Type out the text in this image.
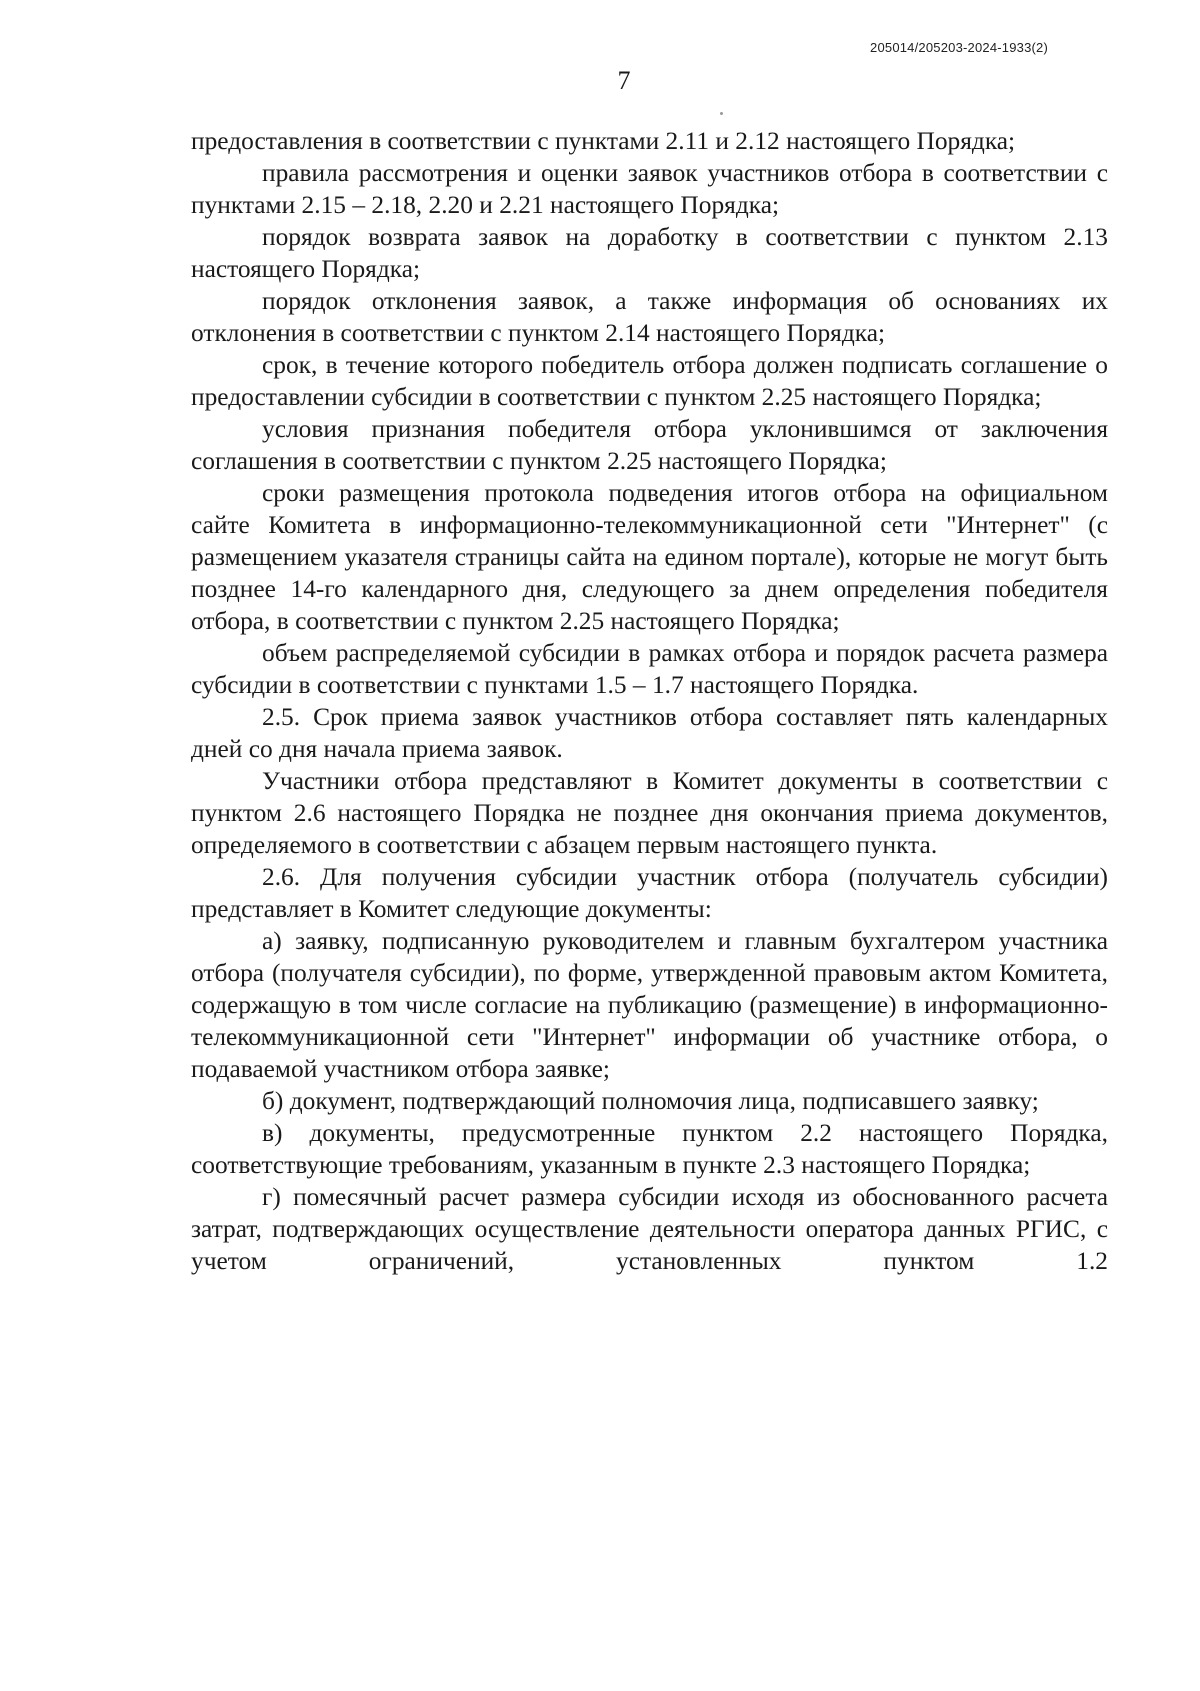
205014/205203-2024-1933(2)
7

предоставления в соответствии с пунктами 2.11 и 2.12 настоящего Порядка;

правила рассмотрения и оценки заявок участников отбора в соответствии с пунктами 2.15 – 2.18, 2.20 и 2.21 настоящего Порядка;

порядок возврата заявок на доработку в соответствии с пунктом 2.13 настоящего Порядка;

порядок отклонения заявок, а также информация об основаниях их отклонения в соответствии с пунктом 2.14 настоящего Порядка;

срок, в течение которого победитель отбора должен подписать соглашение о предоставлении субсидии в соответствии с пунктом 2.25 настоящего Порядка;

условия признания победителя отбора уклонившимся от заключения соглашения в соответствии с пунктом 2.25 настоящего Порядка;

сроки размещения протокола подведения итогов отбора на официальном сайте Комитета в информационно-телекоммуникационной сети "Интернет" (с размещением указателя страницы сайта на едином портале), которые не могут быть позднее 14-го календарного дня, следующего за днем определения победителя отбора, в соответствии с пунктом 2.25 настоящего Порядка;

объем распределяемой субсидии в рамках отбора и порядок расчета размера субсидии в соответствии с пунктами 1.5 – 1.7 настоящего Порядка.

2.5. Срок приема заявок участников отбора составляет пять календарных дней со дня начала приема заявок.

Участники отбора представляют в Комитет документы в соответствии с пунктом 2.6 настоящего Порядка не позднее дня окончания приема документов, определяемого в соответствии с абзацем первым настоящего пункта.

2.6. Для получения субсидии участник отбора (получатель субсидии) представляет в Комитет следующие документы:

а) заявку, подписанную руководителем и главным бухгалтером участника отбора (получателя субсидии), по форме, утвержденной правовым актом Комитета, содержащую в том числе согласие на публикацию (размещение) в информационно-телекоммуникационной сети "Интернет" информации об участнике отбора, о подаваемой участником отбора заявке;

б) документ, подтверждающий полномочия лица, подписавшего заявку;

в) документы, предусмотренные пунктом 2.2 настоящего Порядка, соответствующие требованиям, указанным в пункте 2.3 настоящего Порядка;

г) помесячный расчет размера субсидии исходя из обоснованного расчета затрат, подтверждающих осуществление деятельности оператора данных РГИС, с учетом ограничений, установленных пунктом 1.2
